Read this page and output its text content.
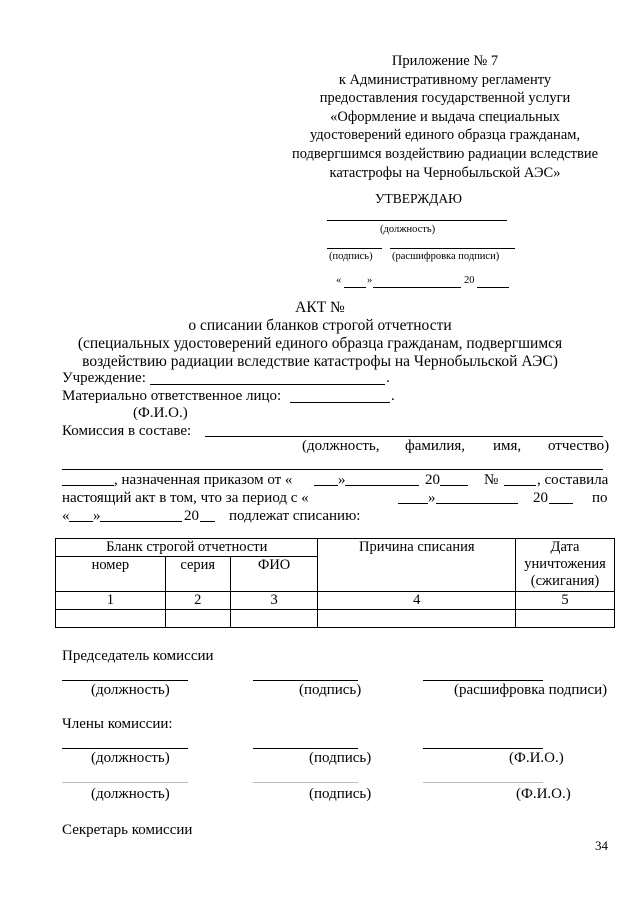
Приложение № 7
к Административному регламенту
предоставления государственной услуги
«Оформление и выдача специальных
удостоверений единого образца гражданам,
подвергшимся воздействию радиации вследствие
катастрофы на Чернобыльской АЭС»
УТВЕРЖДАЮ
(должность)
(подпись) (расшифровка подписи)
« »	20
АКТ №
о списании бланков строгой отчетности
(специальных удостоверений единого образца гражданам, подвергшимся
воздействию радиации вследствие катастрофы на Чернобыльской АЭС)
Учреждение:	.
Материально ответственное лицо:	.
(Ф.И.О.)
Комиссия в составе:
(должность, фамилия, имя, отчество)
, назначенная приказом от «	»	20	№	, составила
настоящий акт в том, что за период с «	»	20	по
« »	20 подлежат списанию:
Бланк строгой отчетности			Причина списания	Дата
уничтожения
(сжигания)

номер	серия	ФИО		
1	2	3	4	5

Председатель комиссии
(должность)	(подпись)	(расшифровка подписи)
Члены комиссии:
(должность)	(подпись)	(Ф.И.О.)
(должность)	(подпись)	(Ф.И.О.)
Секретарь комиссии
34
